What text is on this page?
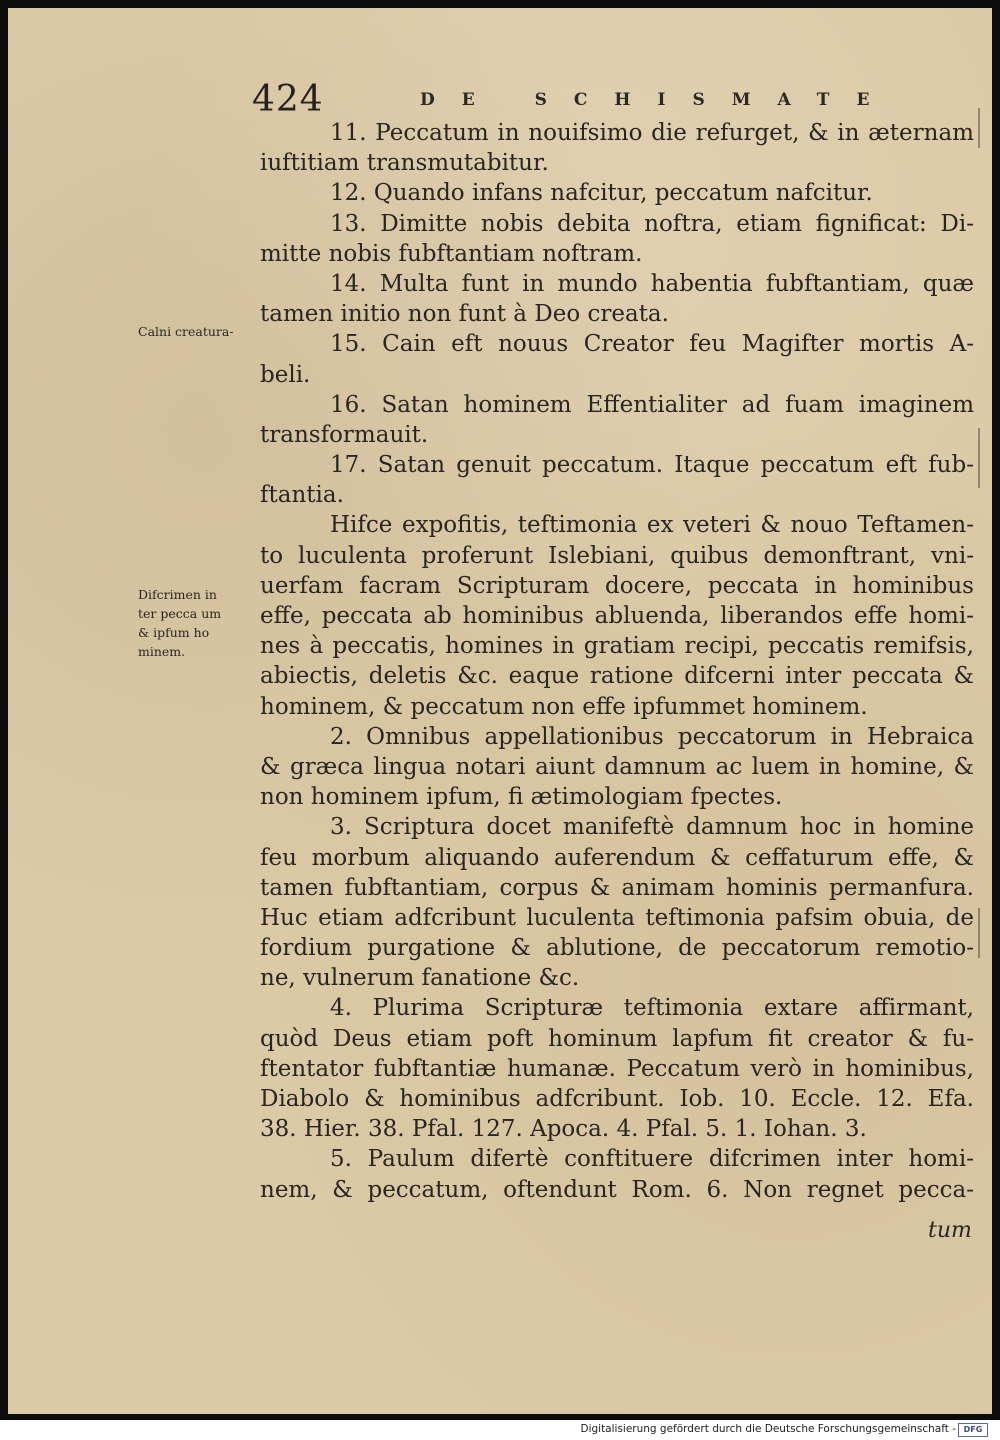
424	DE SCHISMATE
Calni creatura-
Difcrimen in
ter pecca um
& ipfum ho
minem.
11. Peccatum in nouifsimo die refurget, & in æternam
iuftitiam transmutabitur.
12. Quando infans nafcitur, peccatum nafcitur.
13. Dimitte nobis debita noftra, etiam fignificat: Di-
mitte nobis fubftantiam noftram.
14. Multa funt in mundo habentia fubftantiam, quæ
tamen initio non funt à Deo creata.
15. Cain eft nouus Creator feu Magifter mortis A-
beli.
16. Satan hominem Effentialiter ad fuam imaginem
transformauit.
17. Satan genuit peccatum. Itaque peccatum eft fub-
ftantia.
Hifce expofitis, teftimonia ex veteri & nouo Teftamen-
to luculenta proferunt Islebiani, quibus demonftrant, vni-
uerfam facram Scripturam docere, peccata in hominibus
effe, peccata ab hominibus abluenda, liberandos effe homi-
nes à peccatis, homines in gratiam recipi, peccatis remifsis,
abiectis, deletis &c. eaque ratione difcerni inter peccata &
hominem, & peccatum non effe ipfummet hominem.
2. Omnibus appellationibus peccatorum in Hebraica
& græca lingua notari aiunt damnum ac luem in homine, &
non hominem ipfum, fi ætimologiam fpectes.
3. Scriptura docet manifeftè damnum hoc in homine
feu morbum aliquando auferendum & ceffaturum effe, &
tamen fubftantiam, corpus & animam hominis permanfura.
Huc etiam adfcribunt luculenta teftimonia pafsim obuia, de
fordium purgatione & ablutione, de peccatorum remotio-
ne, vulnerum fanatione &c.
4. Plurima Scripturæ teftimonia extare affirmant,
quòd Deus etiam poft hominum lapfum fit creator & fu-
ftentator fubftantiæ humanæ. Peccatum verò in hominibus,
Diabolo & hominibus adfcribunt. Iob. 10. Eccle. 12. Efa.
38. Hier. 38. Pfal. 127. Apoca. 4. Pfal. 5. 1. Iohan. 3.
5. Paulum difertè conftituere difcrimen inter homi-
nem, & peccatum, oftendunt Rom. 6. Non regnet pecca-
tum
Digitalisierung gefördert durch die Deutsche Forschungsgemeinschaft - DFG
